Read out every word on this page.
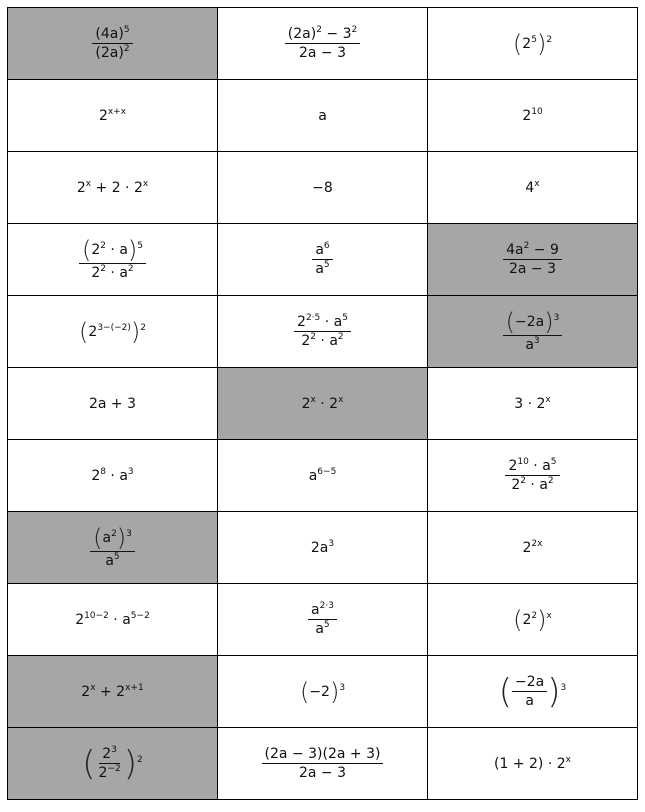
$\frac{(4a)^5}{(2a)^2}$	$\frac{(2a)^2 - 3^2}{2a - 3}$	$(2^5)^2$
$2^{x+x}$	a	$2^{10}$
$2^x + 2 \cdot 2^x$	−8	4$^x$

$\frac{(2^2 \cdot a)^5}{2^2 \cdot a^2}$	$\frac{a^6}{a^5}$	$\frac{4a^2 - 9}{2a - 3}$

$(2^{3-(-2)})^2$	$\frac{2^{2\cdot 5} \cdot a^5}{2^2 \cdot a^2}$	$\frac{(-2a)^3}{a^3}$

2a + 3	$2^x \cdot 2^x$	$3 \cdot 2^x$
$2^8 \cdot a^3$	$a^{6-5}$	$\frac{2^{10} \cdot a^5}{2^2 \cdot a^2}$

$\frac{(a^2)^3}{a^5}$	$2a^3$	$2^{2x}$
$2^{10-2} \cdot a^{5-2}$	$\frac{a^{2\cdot 3}}{a^5}$	$(2^2)^x$
$2^x + 2^{x+1}$	$(-2)^3$	( $\frac{-2a}{a} )^3$
( $\frac{2^3}{2^{-2}} )^2$	$\frac{(2a - 3)(2a + 3)}{2a - 3}$	$(1 + 2) \cdot 2^x$
